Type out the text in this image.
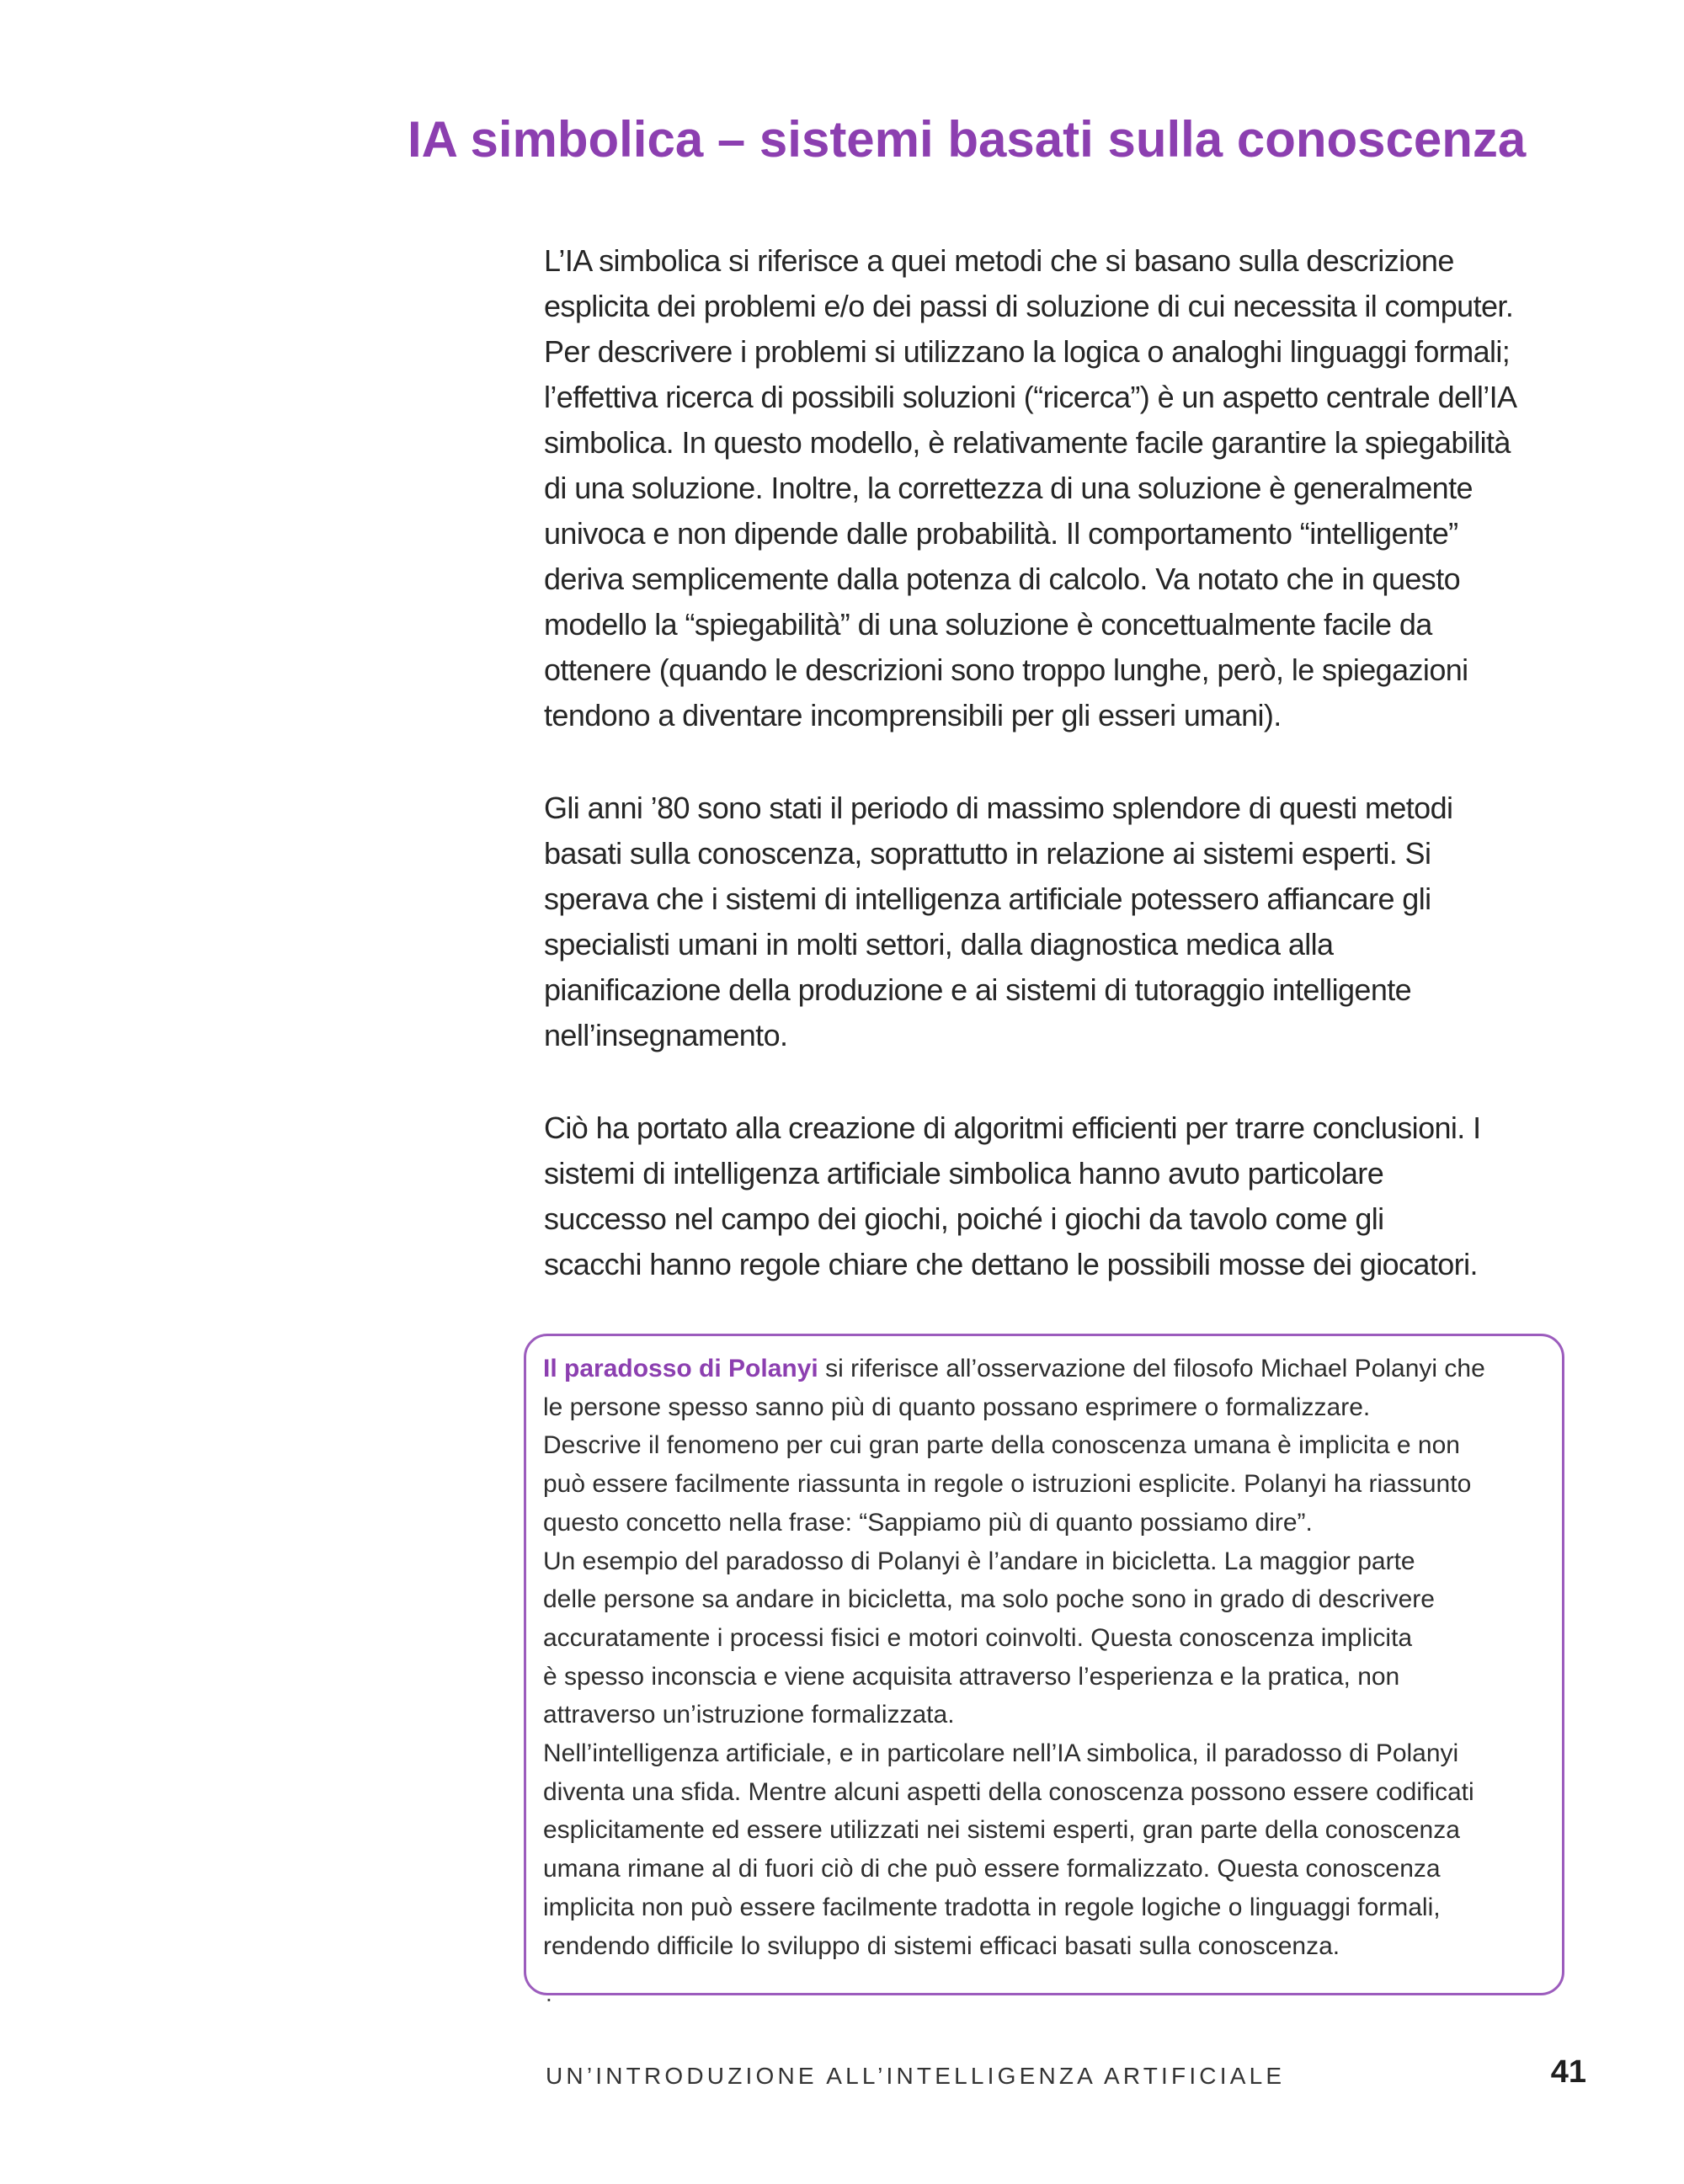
IA simbolica – sistemi basati sulla conoscenza

L’IA simbolica si riferisce a quei metodi che si basano sulla descrizione
esplicita dei problemi e/o dei passi di soluzione di cui necessita il computer.
Per descrivere i problemi si utilizzano la logica o analoghi linguaggi formali;
l’effettiva ricerca di possibili soluzioni (“ricerca”) è un aspetto centrale dell’IA
simbolica. In questo modello, è relativamente facile garantire la spiegabilità
di una soluzione. Inoltre, la correttezza di una soluzione è generalmente
univoca e non dipende dalle probabilità. Il comportamento “intelligente”
deriva semplicemente dalla potenza di calcolo. Va notato che in questo
modello la “spiegabilità” di una soluzione è concettualmente facile da
ottenere (quando le descrizioni sono troppo lunghe, però, le spiegazioni
tendono a diventare incomprensibili per gli esseri umani).

Gli anni ’80 sono stati il periodo di massimo splendore di questi metodi
basati sulla conoscenza, soprattutto in relazione ai sistemi esperti. Si
sperava che i sistemi di intelligenza artificiale potessero affiancare gli
specialisti umani in molti settori, dalla diagnostica medica alla
pianificazione della produzione e ai sistemi di tutoraggio intelligente
nell’insegnamento.

Ciò ha portato alla creazione di algoritmi efficienti per trarre conclusioni. I
sistemi di intelligenza artificiale simbolica hanno avuto particolare
successo nel campo dei giochi, poiché i giochi da tavolo come gli
scacchi hanno regole chiare che dettano le possibili mosse dei giocatori.

Il paradosso di Polanyi si riferisce all’osservazione del filosofo Michael Polanyi che
le persone spesso sanno più di quanto possano esprimere o formalizzare.
Descrive il fenomeno per cui gran parte della conoscenza umana è implicita e non
può essere facilmente riassunta in regole o istruzioni esplicite. Polanyi ha riassunto
questo concetto nella frase: “Sappiamo più di quanto possiamo dire”.
Un esempio del paradosso di Polanyi è l’andare in bicicletta. La maggior parte
delle persone sa andare in bicicletta, ma solo poche sono in grado di descrivere
accuratamente i processi fisici e motori coinvolti. Questa conoscenza implicita
è spesso inconscia e viene acquisita attraverso l’esperienza e la pratica, non
attraverso un’istruzione formalizzata.
Nell’intelligenza artificiale, e in particolare nell’IA simbolica, il paradosso di Polanyi
diventa una sfida. Mentre alcuni aspetti della conoscenza possono essere codificati
esplicitamente ed essere utilizzati nei sistemi esperti, gran parte della conoscenza
umana rimane al di fuori ciò di che può essere formalizzato. Questa conoscenza
implicita non può essere facilmente tradotta in regole logiche o linguaggi formali,
rendendo difficile lo sviluppo di sistemi efficaci basati sulla conoscenza.
.
UN’INTRODUZIONE ALL’INTELLIGENZA ARTIFICIALE	41
